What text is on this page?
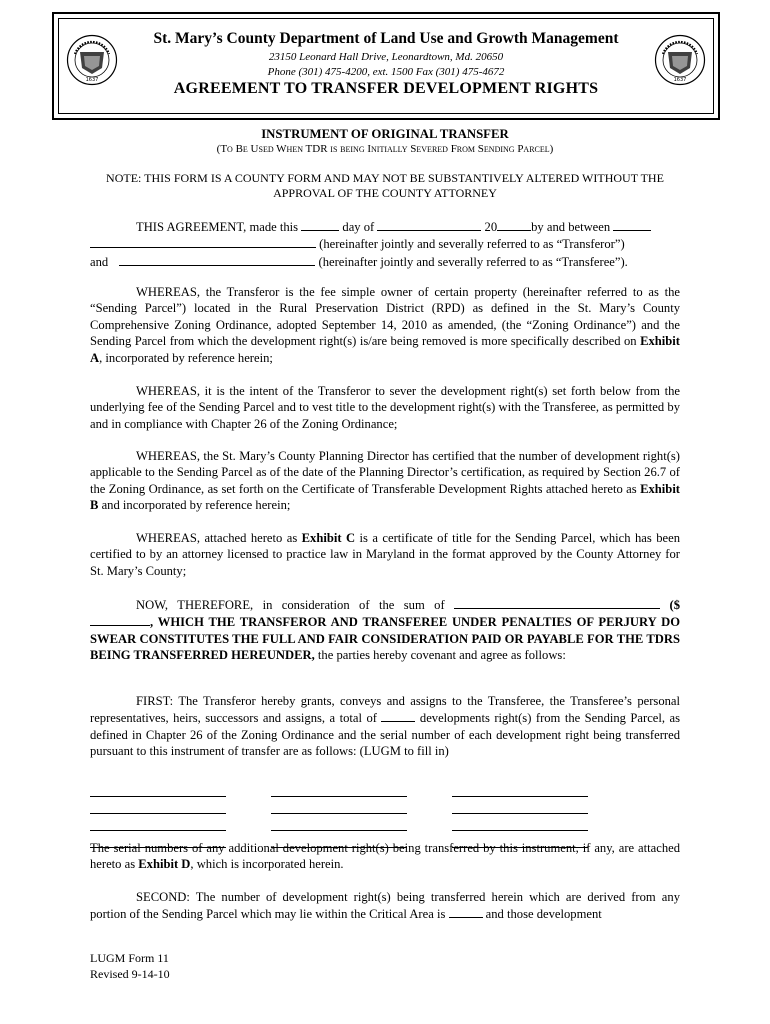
1637	1637
St. Mary’s County Department of Land Use and Growth Management
23150 Leonard Hall Drive, Leonardtown, Md. 20650
Phone (301) 475-4200, ext. 1500 Fax (301) 475-4672
AGREEMENT TO TRANSFER DEVELOPMENT RIGHTS
INSTRUMENT OF ORIGINAL TRANSFER
(To Be Used When TDR is being Initially Severed From Sending Parcel)
NOTE: THIS FORM IS A COUNTY FORM AND MAY NOT BE SUBSTANTIVELY ALTERED WITHOUT THE APPROVAL OF THE COUNTY ATTORNEY
THIS AGREEMENT, made this	day of	20	by and between
(hereinafter jointly and severally referred to as “Transferor”)
and	(hereinafter jointly and severally referred to as “Transferee”).
WHEREAS, the Transferor is the fee simple owner of certain property (hereinafter referred to as the “Sending Parcel”) located in the Rural Preservation District (RPD) as defined in the St. Mary’s County Comprehensive Zoning Ordinance, adopted September 14, 2010 as amended, (the “Zoning Ordinance”) and the Sending Parcel from which the development right(s) is/are being removed is more specifically described on Exhibit A, incorporated by reference herein;
WHEREAS, it is the intent of the Transferor to sever the development right(s) set forth below from the underlying fee of the Sending Parcel and to vest title to the development right(s) with the Transferee, as permitted by and in compliance with Chapter 26 of the Zoning Ordinance;
WHEREAS, the St. Mary’s County Planning Director has certified that the number of development right(s) applicable to the Sending Parcel as of the date of the Planning Director’s certification, as required by Section 26.7 of the Zoning Ordinance, as set forth on the Certificate of Transferable Development Rights attached hereto as Exhibit B and incorporated by reference herein;
WHEREAS, attached hereto as Exhibit C is a certificate of title for the Sending Parcel, which has been certified to by an attorney licensed to practice law in Maryland in the format approved by the County Attorney for St. Mary’s County;
NOW, THEREFORE, in consideration of the sum of	($, WHICH THE TRANSFEROR AND TRANSFEREE UNDER PENALTIES OF PERJURY DO SWEAR CONSTITUTES THE FULL AND FAIR CONSIDERATION PAID OR PAYABLE FOR THE TDRS BEING TRANSFERRED HEREUNDER, the parties hereby covenant and agree as follows:
FIRST: The Transferor hereby grants, conveys and assigns to the Transferee, the Transferee’s personal representatives, heirs, successors and assigns, a total of	developments right(s) from the Sending Parcel, as defined in Chapter 26 of the Zoning Ordinance and the serial number of each development right being transferred pursuant to this instrument of transfer are as follows: (LUGM to fill in)
The serial numbers of any additional development right(s) being transferred by this instrument, if any, are attached hereto as Exhibit D, which is incorporated herein.
SECOND: The number of development right(s) being transferred herein which are derived from any portion of the Sending Parcel which may lie within the Critical Area is	and those development
LUGM Form 11
Revised 9-14-10
